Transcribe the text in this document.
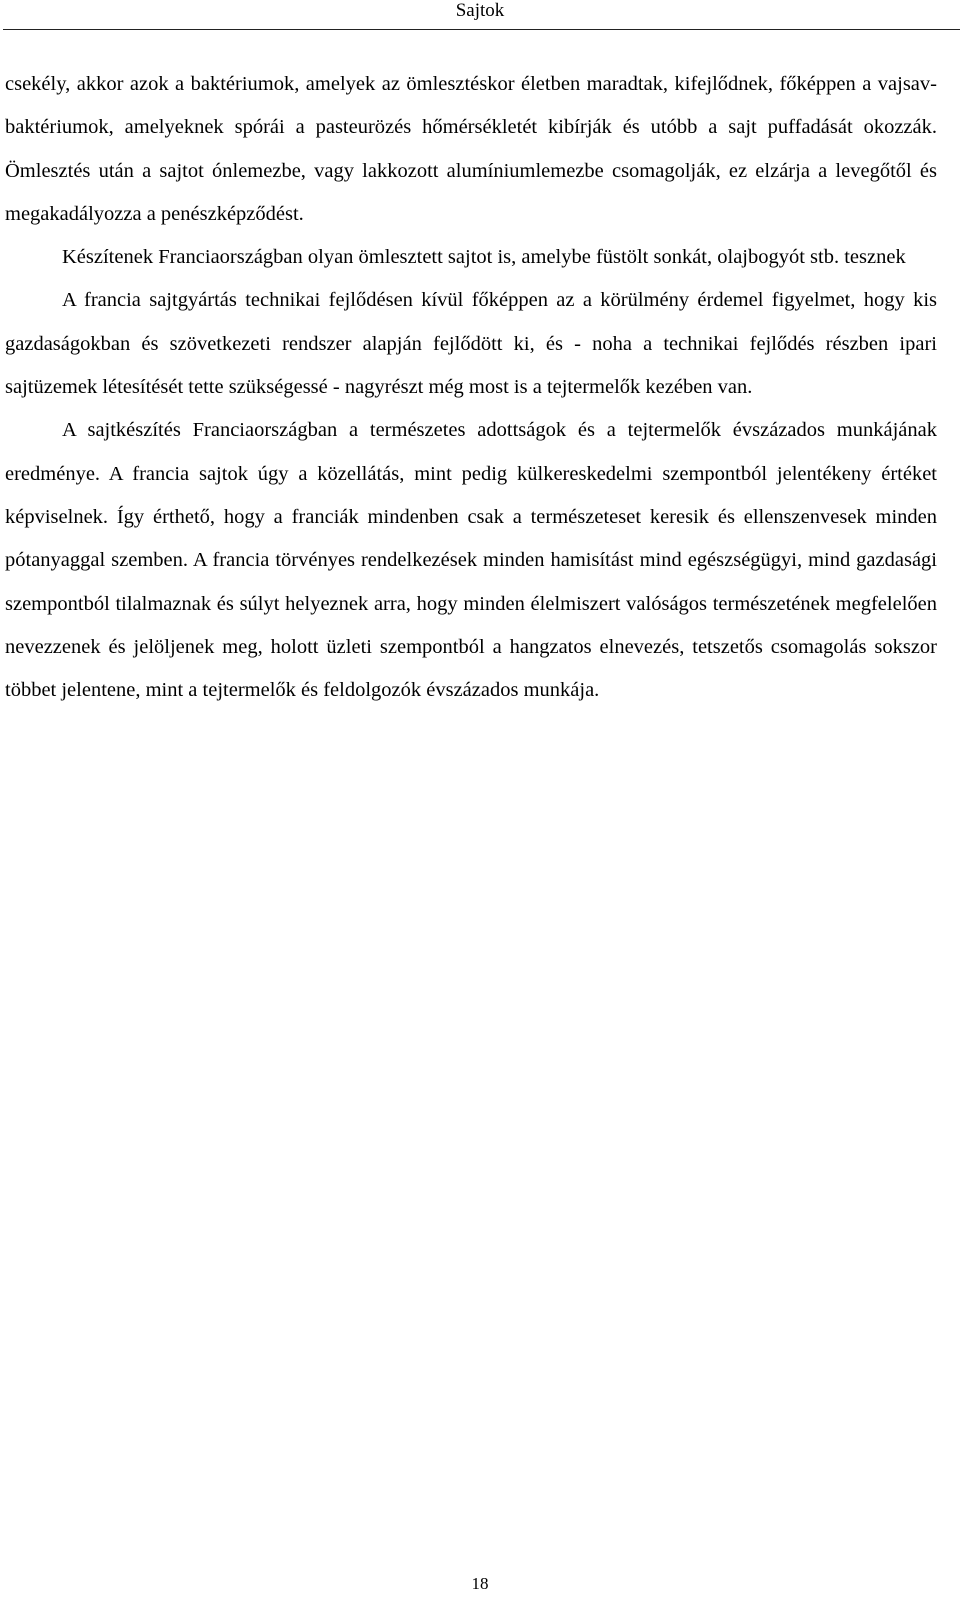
Sajtok

csekély, akkor azok a baktériumok, amelyek az ömlesztéskor életben maradtak, kifejlődnek, főképpen a vajsav-baktériumok, amelyeknek spórái a pasteurözés hőmérsékletét kibírják és utóbb a sajt puffadását okozzák. Ömlesztés után a sajtot ónlemezbe, vagy lakkozott alumíniumlemezbe csomagolják, ez elzárja a levegőtől és megakadályozza a penészképződést.

Készítenek Franciaországban olyan ömlesztett sajtot is, amelybe füstölt sonkát, olajbogyót stb. tesznek

A francia sajtgyártás technikai fejlődésen kívül főképpen az a körülmény érdemel figyelmet, hogy kis gazdaságokban és szövetkezeti rendszer alapján fejlődött ki, és - noha a technikai fejlődés részben ipari sajtüzemek létesítését tette szükségessé - nagyrészt még most is a tejtermelők kezében van.

A sajtkészítés Franciaországban a természetes adottságok és a tejtermelők évszázados munkájának eredménye. A francia sajtok úgy a közellátás, mint pedig külkereskedelmi szempontból jelentékeny értéket képviselnek. Így érthető, hogy a franciák mindenben csak a természeteset keresik és ellenszenvesek minden pótanyaggal szemben. A francia törvényes rendelkezések minden hamisítást mind egészségügyi, mind gazdasági szempontból tilalmaznak és súlyt helyeznek arra, hogy minden élelmiszert valóságos természetének megfelelően nevezzenek és jelöljenek meg, holott üzleti szempontból a hangzatos elnevezés, tetszetős csomagolás sokszor többet jelentene, mint a tejtermelők és feldolgozók évszázados munkája.

18
